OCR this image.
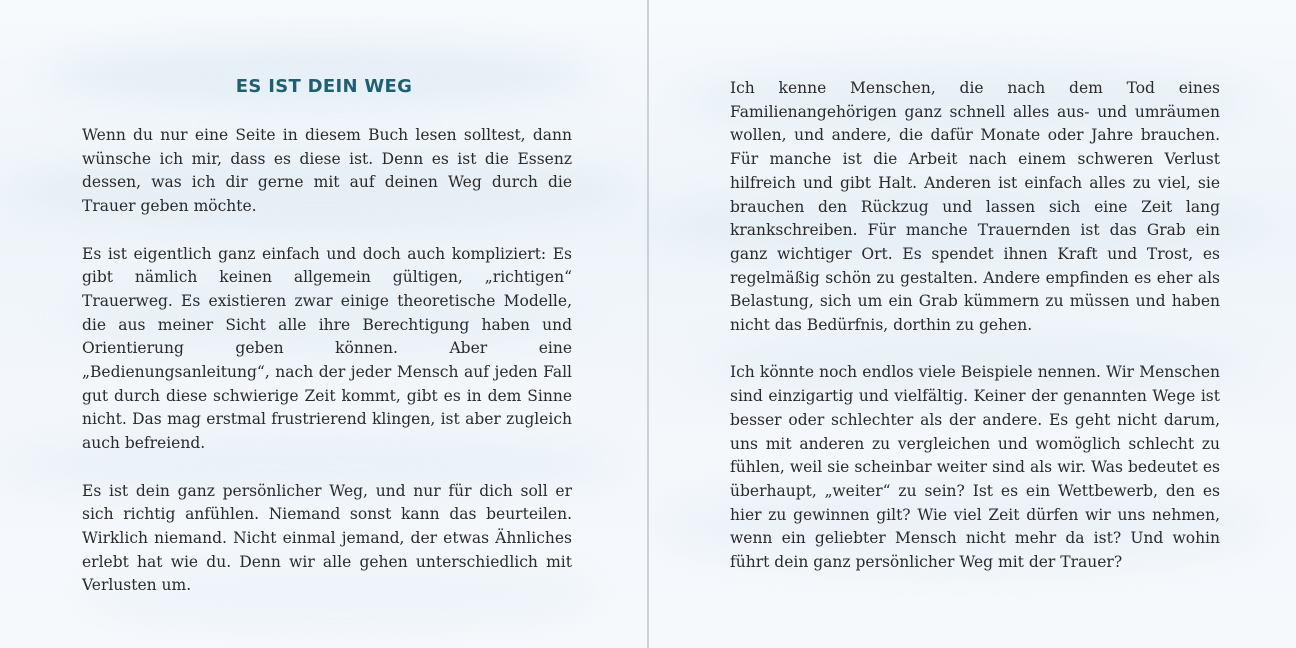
ES IST DEIN WEG

Wenn du nur eine Seite in diesem Buch lesen solltest, dann wünsche ich mir, dass es diese ist. Denn es ist die Essenz dessen, was ich dir gerne mit auf deinen Weg durch die Trauer geben möchte.

Es ist eigentlich ganz einfach und doch auch kompliziert: Es gibt nämlich keinen allgemein gültigen, „richtigen“ Trauerweg. Es existieren zwar einige theoretische Modelle, die aus meiner Sicht alle ihre Berechtigung haben und Orientierung geben können. Aber eine „Bedienungsanleitung“, nach der jeder Mensch auf jeden Fall gut durch diese schwierige Zeit kommt, gibt es in dem Sinne nicht. Das mag erstmal frustrierend klingen, ist aber zugleich auch befreiend.

Es ist dein ganz persönlicher Weg, und nur für dich soll er sich richtig anfühlen. Niemand sonst kann das beurteilen. Wirklich niemand. Nicht einmal jemand, der etwas Ähnliches erlebt hat wie du. Denn wir alle gehen unterschiedlich mit Verlusten um.

Ich kenne Menschen, die nach dem Tod eines Familienangehörigen ganz schnell alles aus- und umräumen wollen, und andere, die dafür Monate oder Jahre brauchen. Für manche ist die Arbeit nach einem schweren Verlust hilfreich und gibt Halt. Anderen ist einfach alles zu viel, sie brauchen den Rückzug und lassen sich eine Zeit lang krankschreiben. Für manche Trauernden ist das Grab ein ganz wichtiger Ort. Es spendet ihnen Kraft und Trost, es regelmäßig schön zu gestalten. Andere empfinden es eher als Belastung, sich um ein Grab kümmern zu müssen und haben nicht das Bedürfnis, dorthin zu gehen.

Ich könnte noch endlos viele Beispiele nennen. Wir Menschen sind einzigartig und vielfältig. Keiner der genannten Wege ist besser oder schlechter als der andere. Es geht nicht darum, uns mit anderen zu vergleichen und womöglich schlecht zu fühlen, weil sie scheinbar weiter sind als wir. Was bedeutet es überhaupt, „weiter“ zu sein? Ist es ein Wettbewerb, den es hier zu gewinnen gilt? Wie viel Zeit dürfen wir uns nehmen, wenn ein geliebter Mensch nicht mehr da ist? Und wohin führt dein ganz persönlicher Weg mit der Trauer?
